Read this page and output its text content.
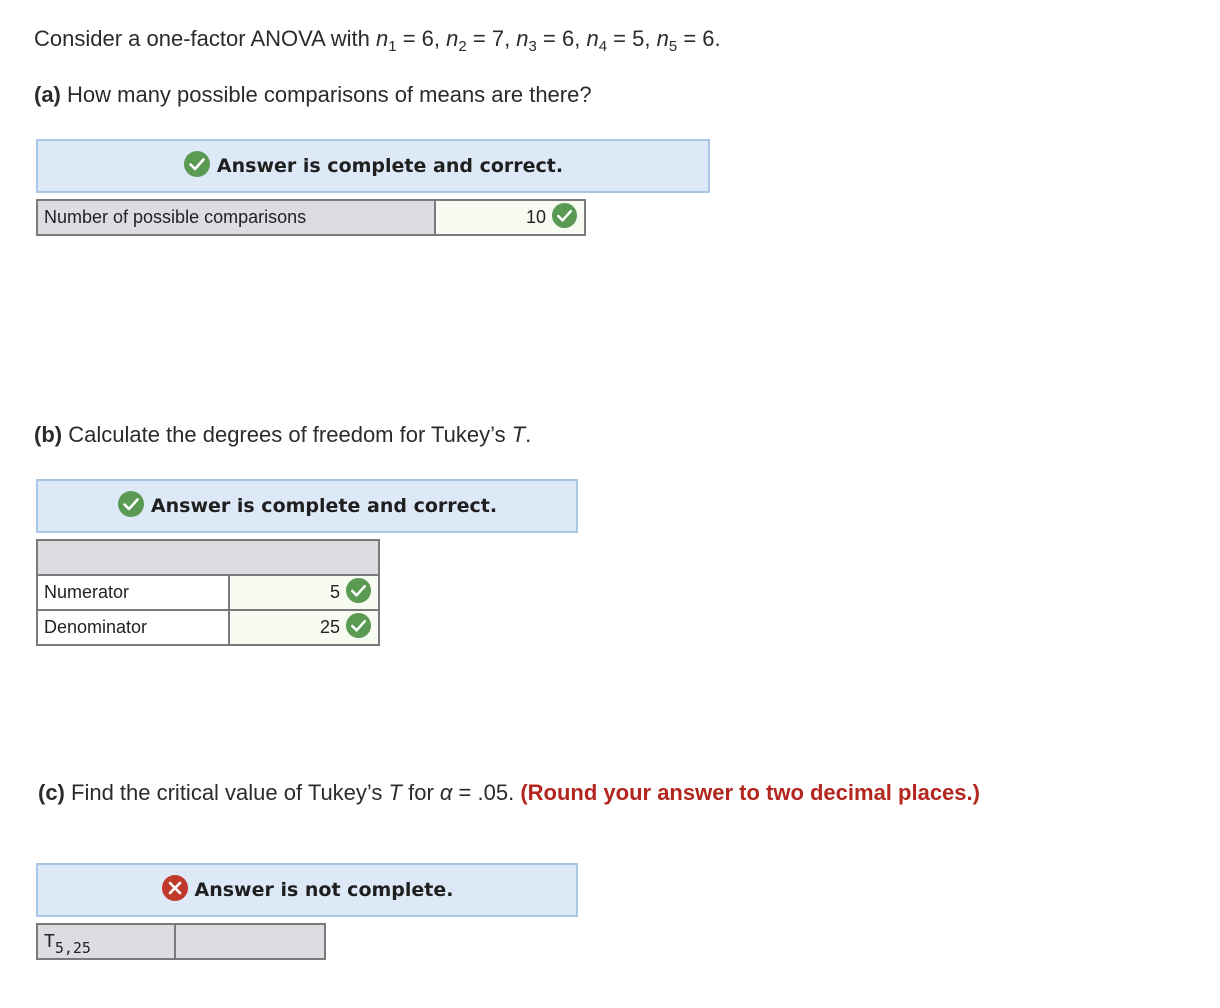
Consider a one-factor ANOVA with $n_1 = 6$, $n_2 = 7$, $n_3 = 6$, $n_4 = 5$, $n_5 = 6$.

(a) How many possible comparisons of means are there?

Answer is complete and correct.
Number of possible comparisons	10

(b) Calculate the degrees of freedom for Tukey’s T.

Answer is complete and correct.

Numerator	5
Denominator	25

(c) Find the critical value of Tukey’s T for α = .05. (Round your answer to two decimal places.)

Answer is not complete.
$T_{5,25}$	
